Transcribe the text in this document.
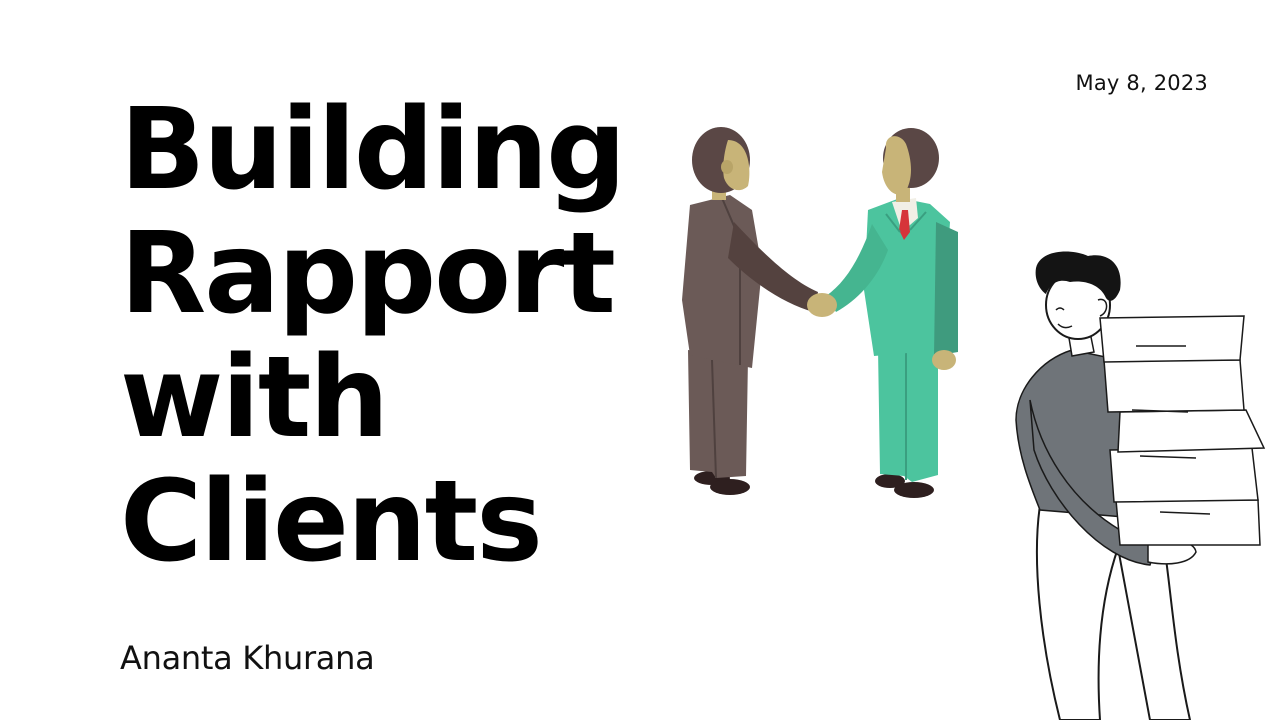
May 8, 2023
Building
Rapport
with
Clients
Ananta Khurana
